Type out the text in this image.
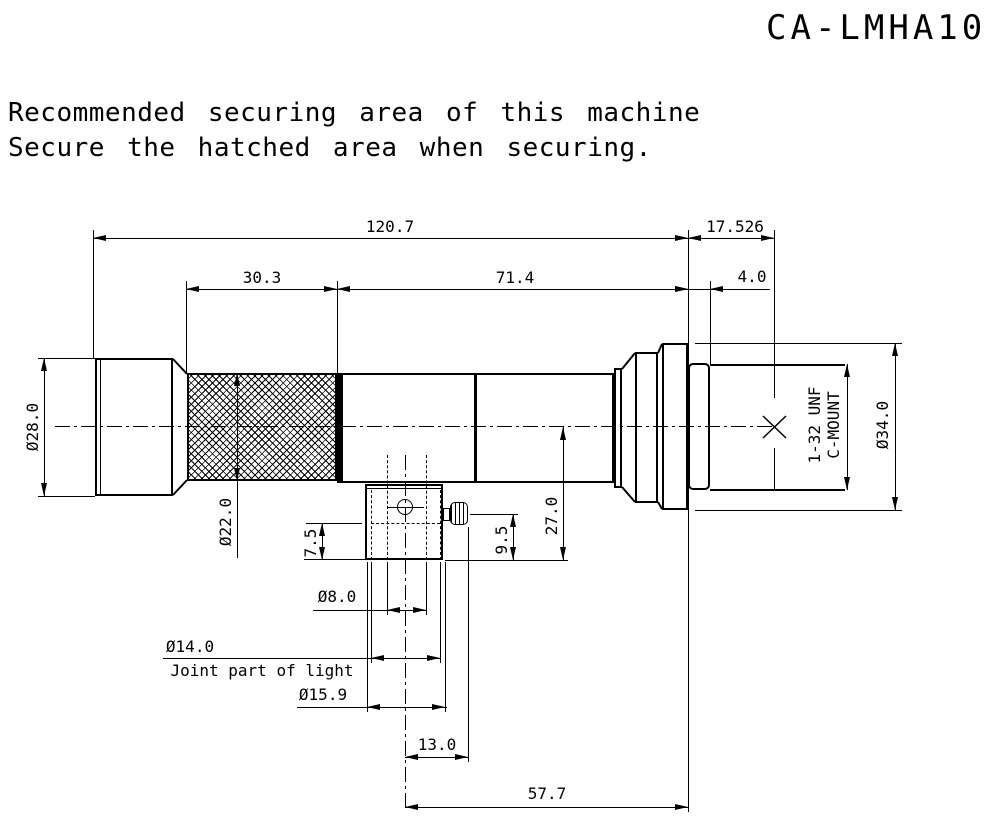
CA-LMHA10
Recommended securing area of this machine
Secure the hatched area when securing.
120.7	17.526
30.3	71.4	4.0
Ø28.0
Ø22.0	27.0
9.5
7.5
Ø8.0
Ø14.0
Joint part of light
Ø15.9
13.0
57.7
Ø34.0
1-32 UNF C-MOUNT
